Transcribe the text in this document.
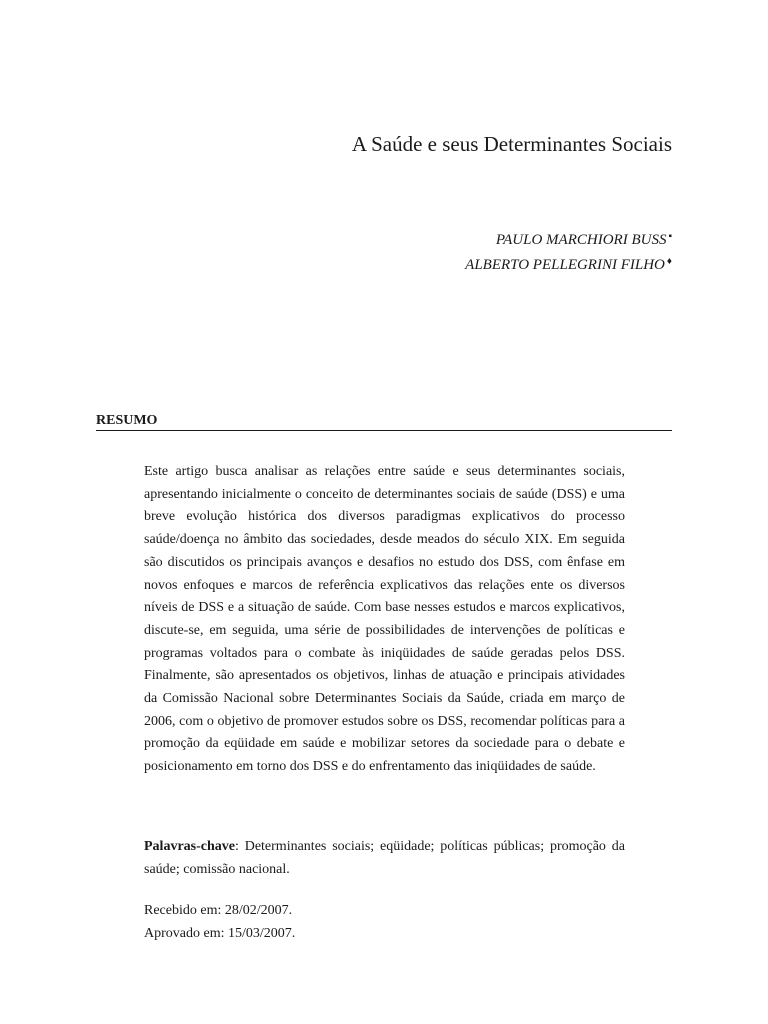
A Saúde e seus Determinantes Sociais
PAULO MARCHIORI BUSS ▪
ALBERTO PELLEGRINI FILHO ♦
RESUMO

Este artigo busca analisar as relações entre saúde e seus determinantes sociais, apresentando inicialmente o conceito de determinantes sociais de saúde (DSS) e uma breve evolução histórica dos diversos paradigmas explicativos do processo saúde/doença no âmbito das sociedades, desde meados do século XIX. Em seguida são discutidos os principais avanços e desafios no estudo dos DSS, com ênfase em novos enfoques e marcos de referência explicativos das relações ente os diversos níveis de DSS e a situação de saúde. Com base nesses estudos e marcos explicativos, discute-se, em seguida, uma série de possibilidades de intervenções de políticas e programas voltados para o combate às iniqüidades de saúde geradas pelos DSS. Finalmente, são apresentados os objetivos, linhas de atuação e principais atividades da Comissão Nacional sobre Determinantes Sociais da Saúde, criada em março de 2006, com o objetivo de promover estudos sobre os DSS, recomendar políticas para a promoção da eqüidade em saúde e mobilizar setores da sociedade para o debate e posicionamento em torno dos DSS e do enfrentamento das iniqüidades de saúde.

Palavras-chave: Determinantes sociais; eqüidade; políticas públicas; promoção da saúde; comissão nacional.

Recebido em: 28/02/2007.
Aprovado em: 15/03/2007.
